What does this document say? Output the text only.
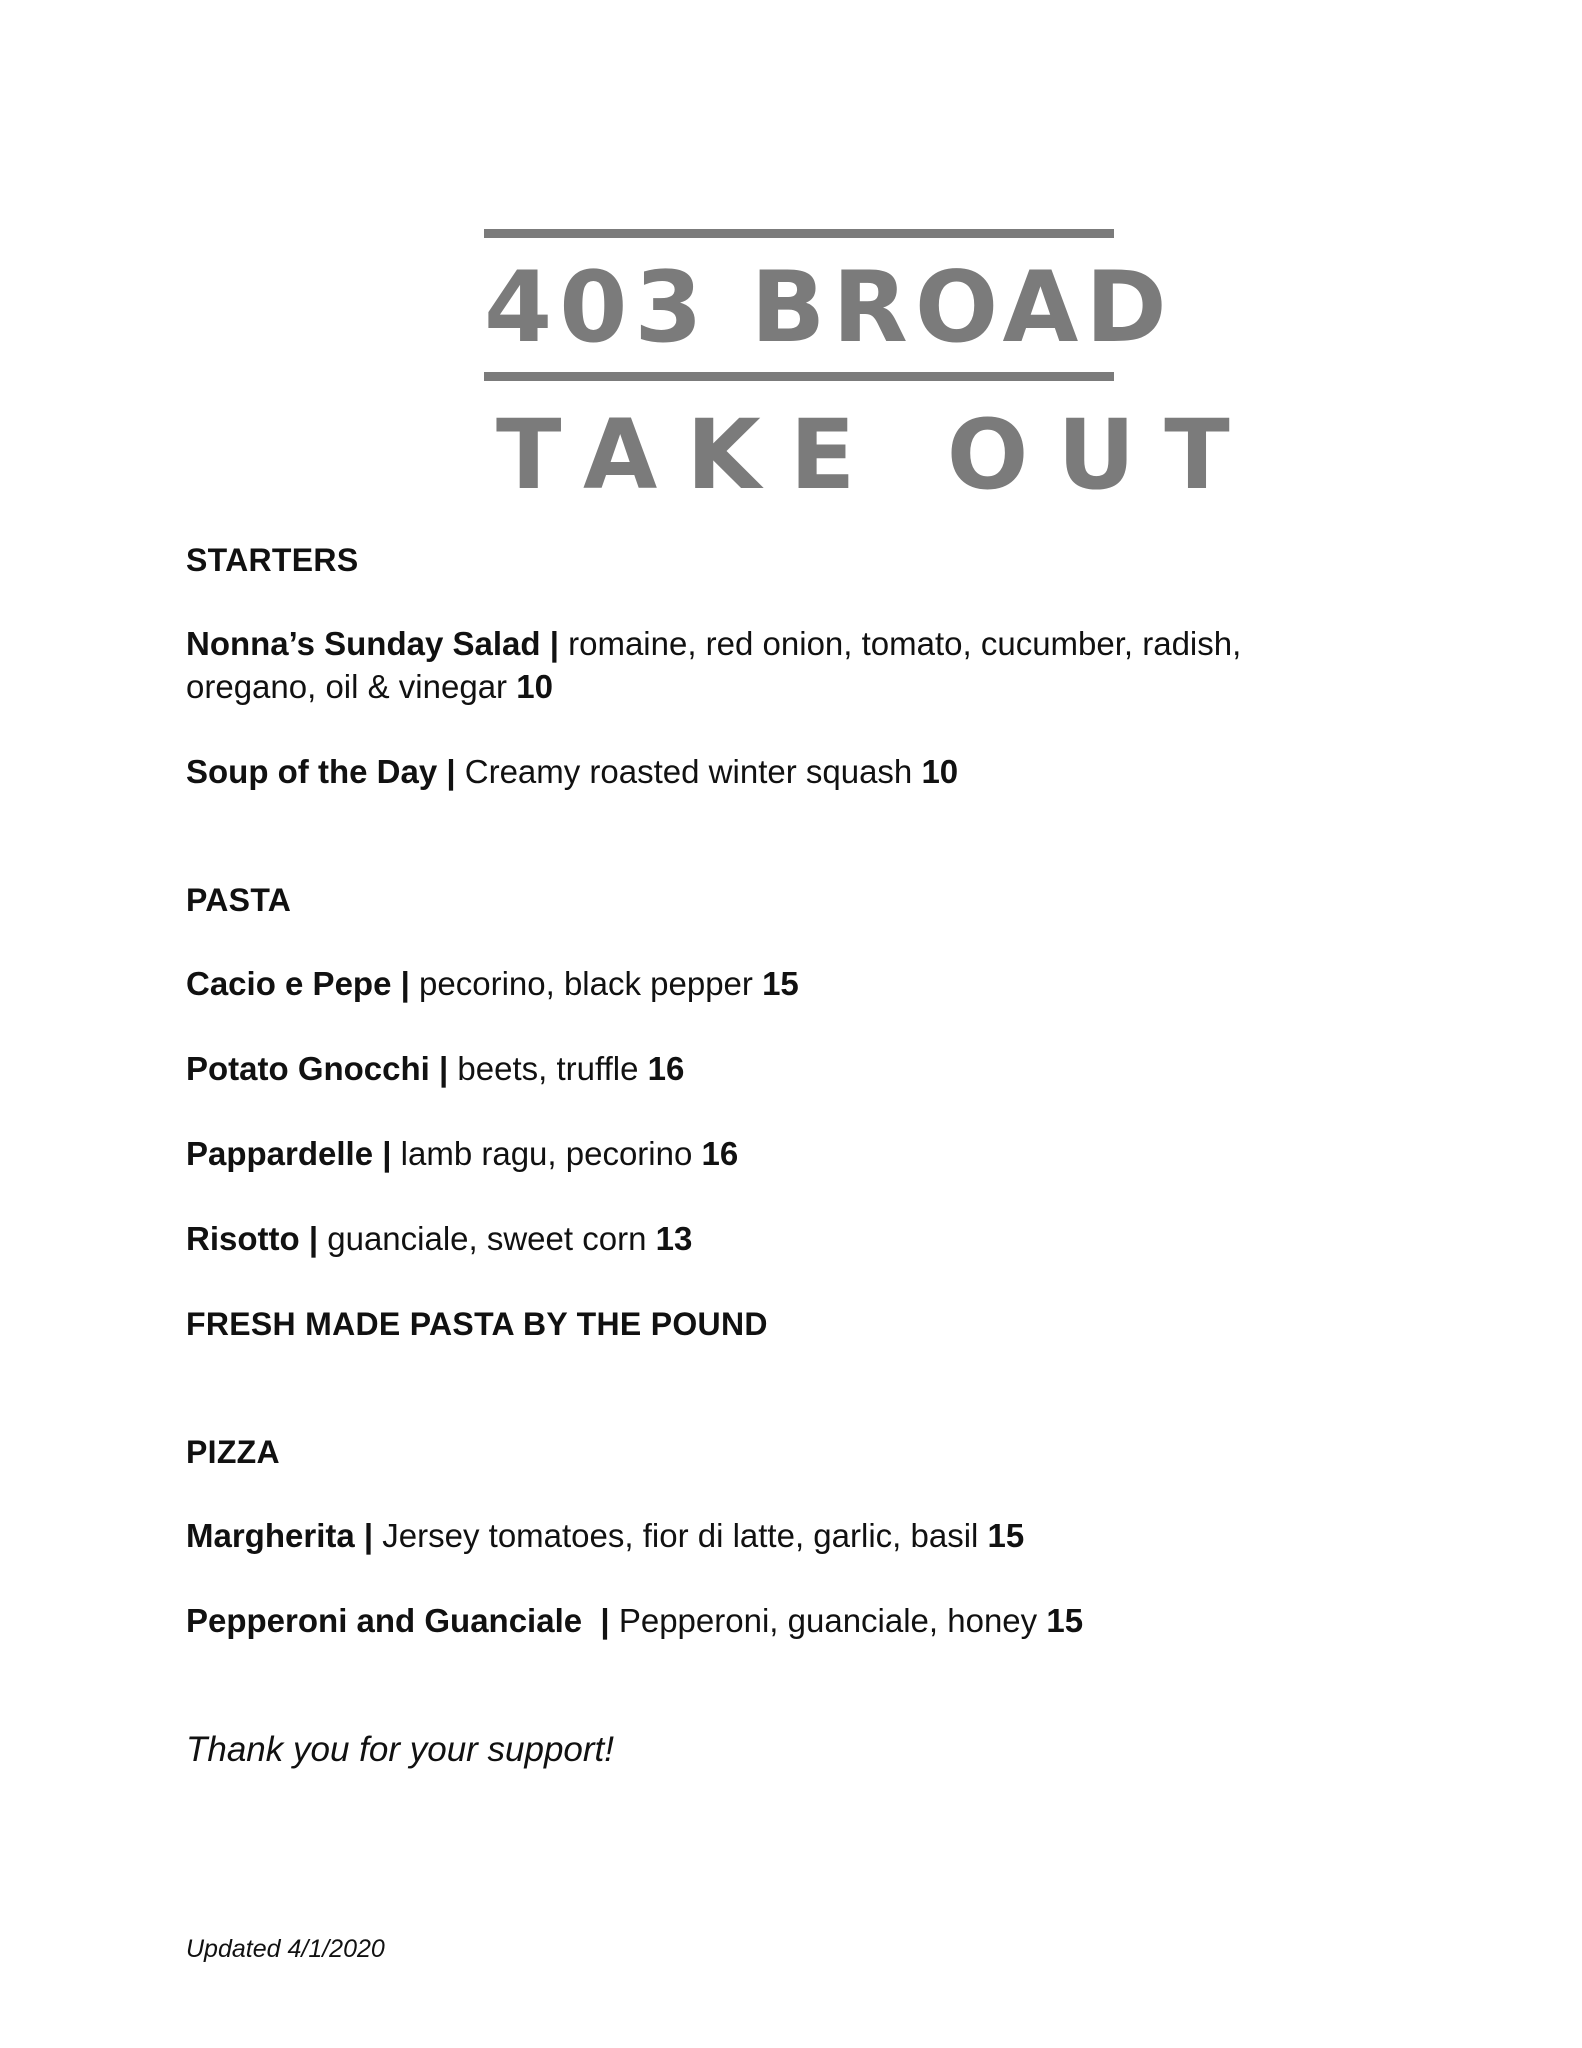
403 BROAD
TAKE OUT
STARTERS
Nonna’s Sunday Salad | romaine, red onion, tomato, cucumber, radish,
oregano, oil & vinegar 10
Soup of the Day | Creamy roasted winter squash 10
PASTA
Cacio e Pepe | pecorino, black pepper 15
Potato Gnocchi | beets, truffle 16
Pappardelle | lamb ragu, pecorino 16
Risotto | guanciale, sweet corn 13
FRESH MADE PASTA BY THE POUND
PIZZA
Margherita | Jersey tomatoes, fior di latte, garlic, basil 15
Pepperoni and Guanciale  | Pepperoni, guanciale, honey 15
Thank you for your support!
Updated 4/1/2020
